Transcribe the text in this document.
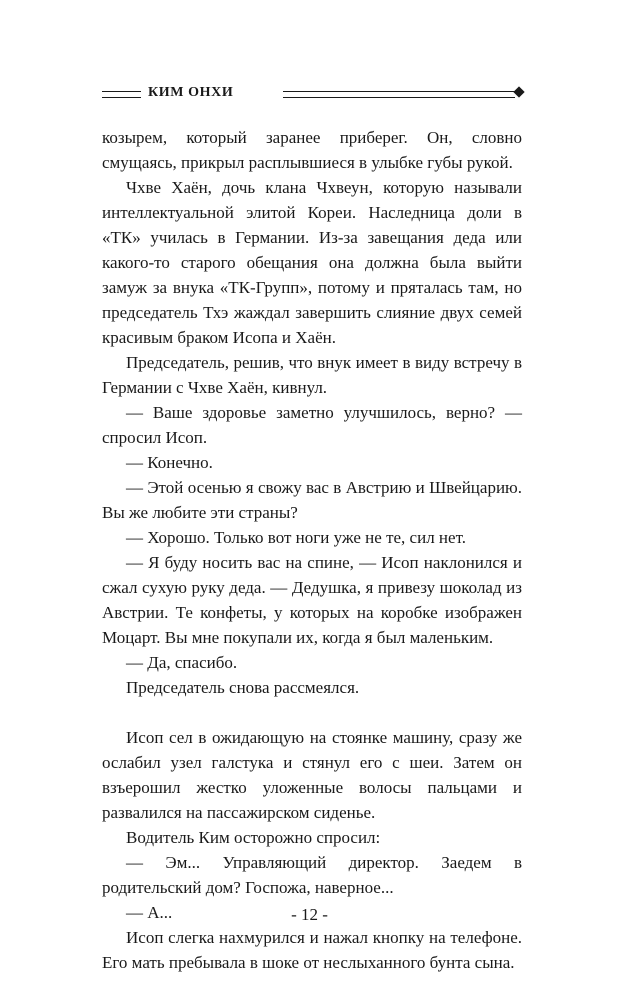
КИМ ОНХИ

козырем, который заранее приберег. Он, словно смущаясь, прикрыл расплывшиеся в улыбке губы рукой.

Чхве Хаён, дочь клана Чхвеун, которую называли интеллектуальной элитой Кореи. Наследница доли в «ТК» училась в Германии. Из-за завещания деда или какого-то старого обещания она должна была выйти замуж за внука «ТК-Групп», потому и пряталась там, но председатель Тхэ жаждал завершить слияние двух семей красивым браком Исопа и Хаён.

Председатель, решив, что внук имеет в виду встречу в Германии с Чхве Хаён, кивнул.

— Ваше здоровье заметно улучшилось, верно? — спросил Исоп.

— Конечно.

— Этой осенью я свожу вас в Австрию и Швейцарию. Вы же любите эти страны?

— Хорошо. Только вот ноги уже не те, сил нет.

— Я буду носить вас на спине, — Исоп наклонился и сжал сухую руку деда. — Дедушка, я привезу шоколад из Австрии. Те конфеты, у которых на коробке изображен Моцарт. Вы мне покупали их, когда я был маленьким.

— Да, спасибо.

Председатель снова рассмеялся.

Исоп сел в ожидающую на стоянке машину, сразу же ослабил узел галстука и стянул его с шеи. Затем он взъерошил жестко уложенные волосы пальцами и развалился на пассажирском сиденье.

Водитель Ким осторожно спросил:

— Эм... Управляющий директор. Заедем в родительский дом? Госпожа, наверное...

— А...

Исоп слегка нахмурился и нажал кнопку на телефоне. Его мать пребывала в шоке от неслыханного бунта сына.

- 12 -
